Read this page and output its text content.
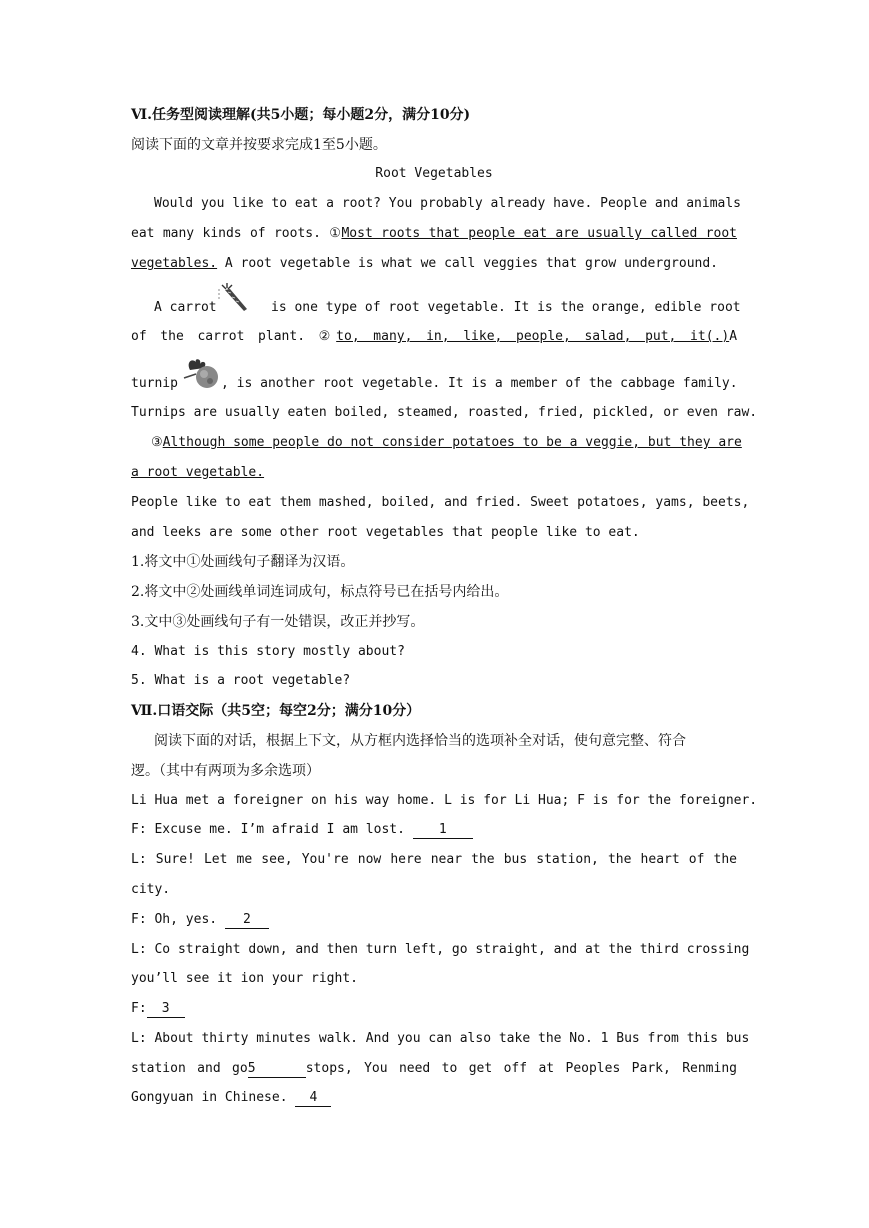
Ⅵ.任务型阅读理解(共5小题；每小题2分，满分10分)
阅读下面的文章并按要求完成1至5小题。
Root Vegetables
Would you like to eat a root? You probably already have. People and animals
eat many kinds of roots. ①Most roots that people eat are usually called root
vegetables. A root vegetable is what we call veggies that grow underground.
A carrot	is one type of root vegetable. It is the orange, edible root
of the carrot plant. ②to, many, in, like, people, salad, put, it(.)A
turnip	, is another root vegetable. It is a member of the cabbage family.
Turnips are usually eaten boiled, steamed, roasted, fried, pickled, or even raw.
③Although some people do not consider potatoes to be a veggie, but they are
a root vegetable.
People like to eat them mashed, boiled, and fried. Sweet potatoes, yams, beets,
and leeks are some other root vegetables that people like to eat.
1.将文中①处画线句子翻译为汉语。
2.将文中②处画线单词连词成句，标点符号已在括号内给出。
3.文中③处画线句子有一处错误，改正并抄写。
4. What is this story mostly about?
5. What is a root vegetable?
Ⅶ.口语交际（共5空；每空2分；满分10分）
阅读下面的对话，根据上下文，从方框内选择恰当的选项补全对话，使句意完整、符合
逻。（其中有两项为多余选项）
Li Hua met a foreigner on his way home. L is for Li Hua; F is for the foreigner.
F: Excuse me. I’m afraid I am lost.	1
L: Sure! Let me see, You're now here near the bus station, the heart of the
city.
F: Oh, yes. 2
L: Co straight down, and then turn left, go straight, and at the third crossing
you’ll see it ion your right.
F: 3
L: About thirty minutes walk. And you can also take the No. 1 Bus from this bus
station and go5	stops, You need to get off at Peoples Park, Renming
Gongyuan in Chinese. 4
